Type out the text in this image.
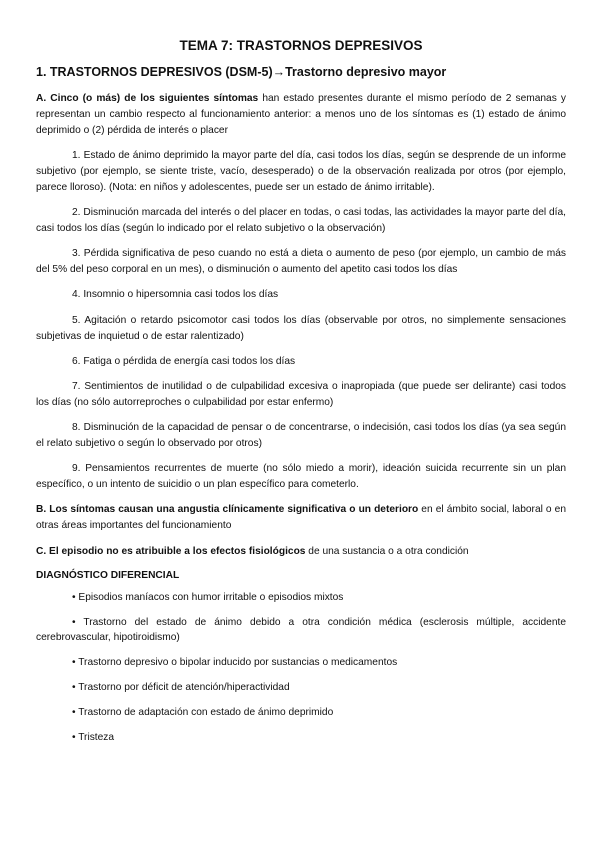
TEMA 7: TRASTORNOS DEPRESIVOS
1. TRASTORNOS DEPRESIVOS (DSM-5)→Trastorno depresivo mayor

A. Cinco (o más) de los siguientes síntomas han estado presentes durante el mismo período de 2 semanas y representan un cambio respecto al funcionamiento anterior: a menos uno de los síntomas es (1) estado de ánimo deprimido o (2) pérdida de interés o placer

1. Estado de ánimo deprimido la mayor parte del día, casi todos los días, según se desprende de un informe subjetivo (por ejemplo, se siente triste, vacío, desesperado) o de la observación realizada por otros (por ejemplo, parece lloroso). (Nota: en niños y adolescentes, puede ser un estado de ánimo irritable).

2. Disminución marcada del interés o del placer en todas, o casi todas, las actividades la mayor parte del día, casi todos los días (según lo indicado por el relato subjetivo o la observación)

3. Pérdida significativa de peso cuando no está a dieta o aumento de peso (por ejemplo, un cambio de más del 5% del peso corporal en un mes), o disminución o aumento del apetito casi todos los días

4. Insomnio o hipersomnia casi todos los días

5. Agitación o retardo psicomotor casi todos los días (observable por otros, no simplemente sensaciones subjetivas de inquietud o de estar ralentizado)

6. Fatiga o pérdida de energía casi todos los días

7. Sentimientos de inutilidad o de culpabilidad excesiva o inapropiada (que puede ser delirante) casi todos los días (no sólo autorreproches o culpabilidad por estar enfermo)

8. Disminución de la capacidad de pensar o de concentrarse, o indecisión, casi todos los días (ya sea según el relato subjetivo o según lo observado por otros)

9. Pensamientos recurrentes de muerte (no sólo miedo a morir), ideación suicida recurrente sin un plan específico, o un intento de suicidio o un plan específico para cometerlo.

B. Los síntomas causan una angustia clínicamente significativa o un deterioro en el ámbito social, laboral o en otras áreas importantes del funcionamiento

C. El episodio no es atribuible a los efectos fisiológicos de una sustancia o a otra condición

DIAGNÓSTICO DIFERENCIAL

• Episodios maníacos con humor irritable o episodios mixtos

• Trastorno del estado de ánimo debido a otra condición médica (esclerosis múltiple, accidente cerebrovascular, hipotiroidismo)

• Trastorno depresivo o bipolar inducido por sustancias o medicamentos

• Trastorno por déficit de atención/hiperactividad

• Trastorno de adaptación con estado de ánimo deprimido

• Tristeza
